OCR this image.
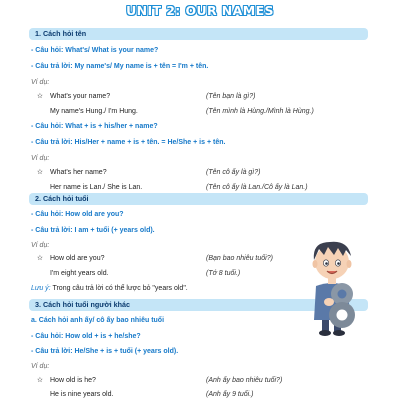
UNIT 2: OUR NAMES
1. Cách hỏi tên
- Câu hỏi: What's/ What is your name?
- Câu trả lời: My name's/ My name is + tên = I'm + tên.
Ví dụ:
✫ What's your name?	(Tên bạn là gì?)
My name's Hung./ I'm Hung.	(Tên mình là Hùng./Mình là Hùng.)
- Câu hỏi: What + is + his/her + name?
- Câu trả lời: His/Her + name + is + tên. = He/She + is + tên.
Ví dụ:
✫ What's her name?	(Tên cô ấy là gì?)
Her name is Lan./ She is Lan.	(Tên cô ấy là Lan./Cô ấy là Lan.)
2. Cách hỏi tuổi
- Câu hỏi: How old are you?
- Câu trả lời: I am + tuổi (+ years old).
Ví dụ:
✫ How old are you?	(Bạn bao nhiêu tuổi?)
I'm eight years old.	(Tớ 8 tuổi.)
Lưu ý: Trong câu trả lời có thể lược bỏ "years old".
3. Cách hỏi tuổi người khác
a. Cách hỏi anh ấy/ cô ấy bao nhiêu tuổi
- Câu hỏi: How old + is + he/she?
- Câu trả lời: He/She + is + tuổi (+ years old).
Ví dụ:
✫ How old is he?	(Anh ấy bao nhiêu tuổi?)
He is nine years old.	(Anh ấy 9 tuổi.)
